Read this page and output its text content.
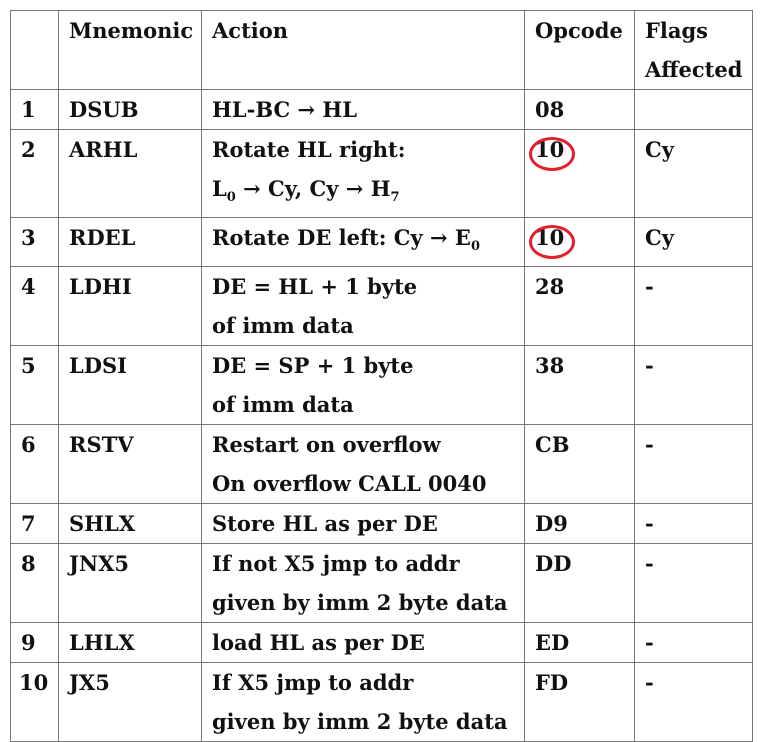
	Mnemonic	Action	Opcode	Flags
Affected

1	DSUB	HL-BC → HL	08	
2	ARHL	Rotate HL right:
$L_0 \to Cy$, $Cy \to H_7$	10	Cy
3	RDEL	Rotate DE left: $Cy \to E_0$	10	Cy
4	LDHI	DE = HL + 1 byte
of imm data	28	-
5	LDSI	DE = SP + 1 byte
of imm data	38	-
6	RSTV	Restart on overflow
On overflow CALL 0040	CB	-
7	SHLX	Store HL as per DE	D9	-
8	JNX5	If not X5 jmp to addr
given by imm 2 byte data	DD	-
9	LHLX	load HL as per DE	ED	-
10	JX5	If X5 jmp to addr
given by imm 2 byte data	FD	-
